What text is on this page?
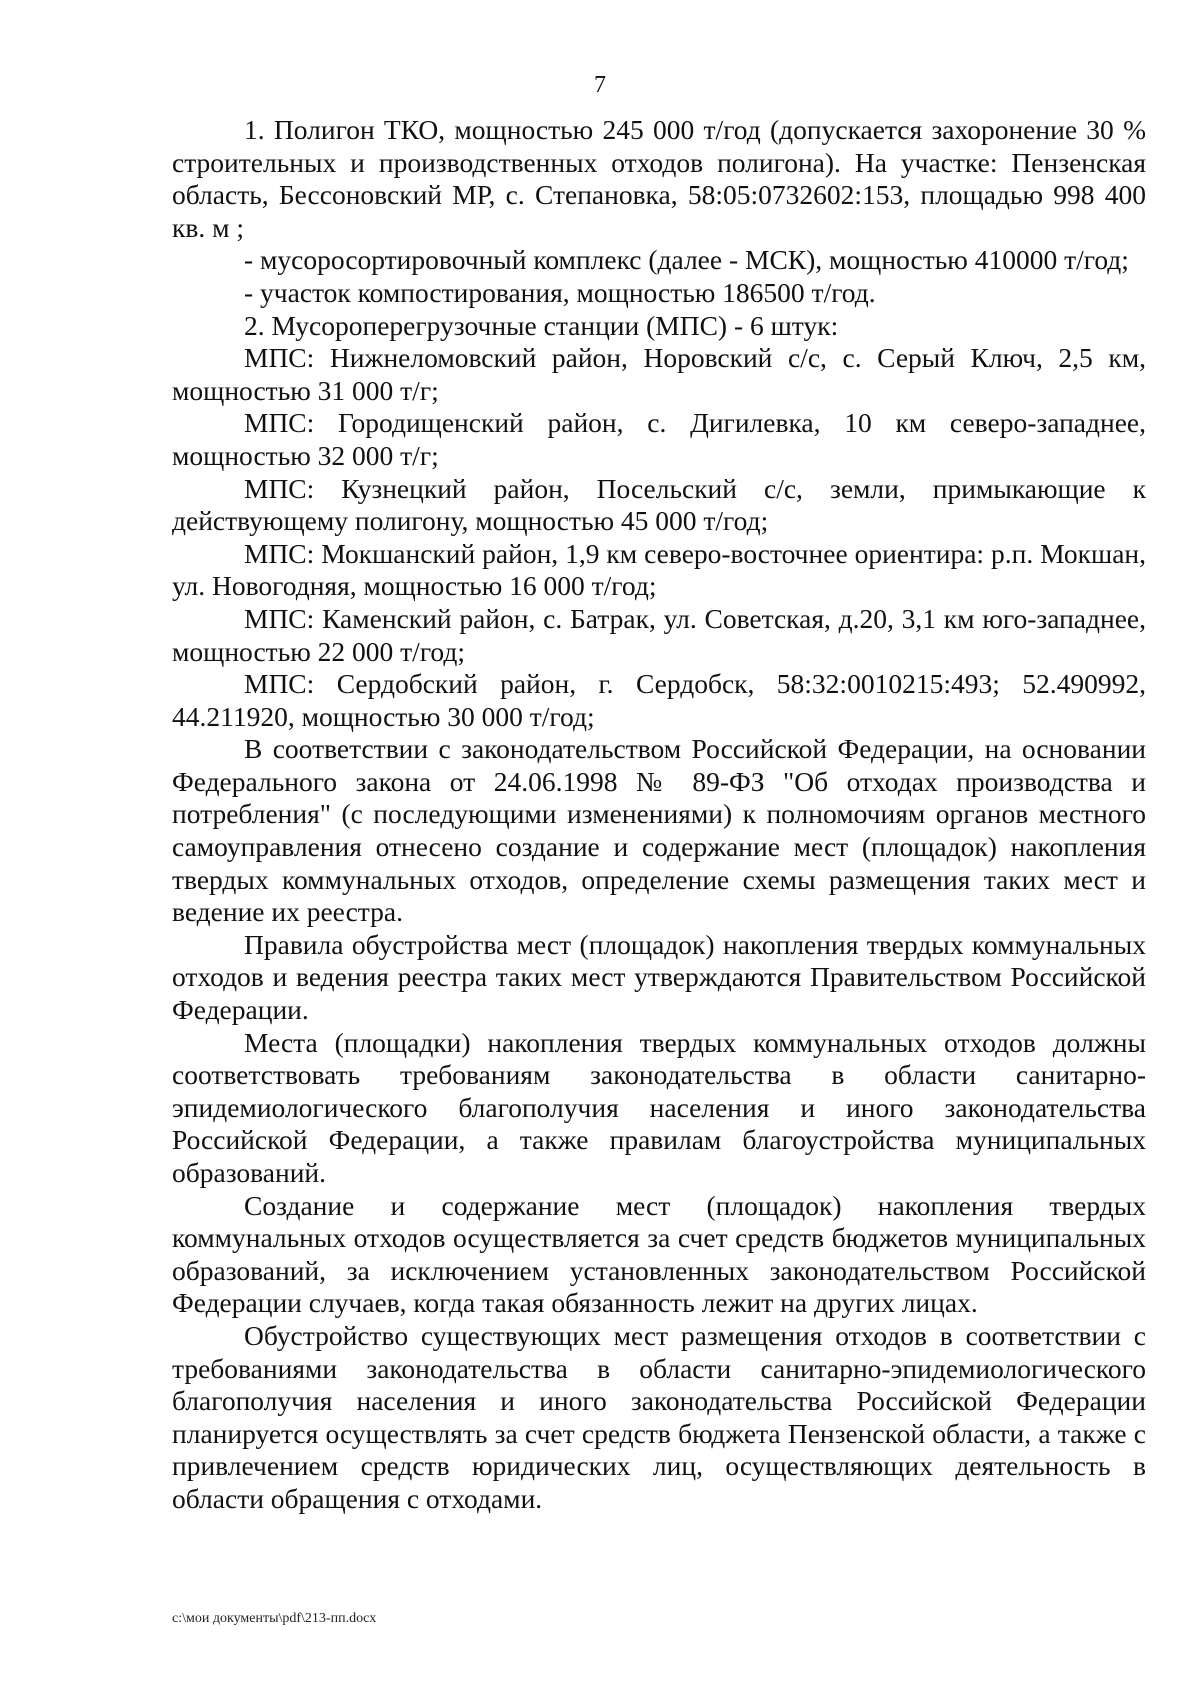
7

1. Полигон ТКО, мощностью 245 000 т/год (допускается захоронение 30 % строительных и производственных отходов полигона). На участке: Пензенская область, Бессоновский МР, с. Степановка, 58:05:0732602:153, площадью 998 400 кв. м ;

- мусоросортировочный комплекс (далее - МСК), мощностью 410000 т/год;

- участок компостирования, мощностью 186500 т/год.

2. Мусороперегрузочные станции (МПС) - 6 штук:

МПС: Нижнеломовский район, Норовский с/с, с. Серый Ключ, 2,5 км, мощностью 31 000 т/г;

МПС: Городищенский район, с. Дигилевка, 10 км северо-западнее, мощностью 32 000 т/г;

МПС: Кузнецкий район, Посельский с/с, земли, примыкающие к действующему полигону, мощностью 45 000 т/год;

МПС: Мокшанский район, 1,9 км северо-восточнее ориентира: р.п. Мокшан, ул. Новогодняя, мощностью 16 000 т/год;

МПС: Каменский район, с. Батрак, ул. Советская, д.20, 3,1 км юго-западнее, мощностью 22 000 т/год;

МПС: Сердобский район, г. Сердобск, 58:32:0010215:493; 52.490992, 44.211920, мощностью 30 000 т/год;

В соответствии с законодательством Российской Федерации, на основании Федерального закона от 24.06.1998 № 89-ФЗ "Об отходах производства и потребления" (с последующими изменениями) к полномочиям органов местного самоуправления отнесено создание и содержание мест (площадок) накопления твердых коммунальных отходов, определение схемы размещения таких мест и ведение их реестра.

Правила обустройства мест (площадок) накопления твердых коммунальных отходов и ведения реестра таких мест утверждаются Правительством Российской Федерации.

Места (площадки) накопления твердых коммунальных отходов должны соответствовать требованиям законодательства в области санитарно-эпидемиологического благополучия населения и иного законодательства Российской Федерации, а также правилам благоустройства муниципальных образований.

Создание и содержание мест (площадок) накопления твердых коммунальных отходов осуществляется за счет средств бюджетов муниципальных образований, за исключением установленных законодательством Российской Федерации случаев, когда такая обязанность лежит на других лицах.

Обустройство существующих мест размещения отходов в соответствии с требованиями законодательства в области санитарно-эпидемиологического благополучия населения и иного законодательства Российской Федерации планируется осуществлять за счет средств бюджета Пензенской области, а также с привлечением средств юридических лиц, осуществляющих деятельность в области обращения с отходами.

c:\мои документы\pdf\213-пп.docx
